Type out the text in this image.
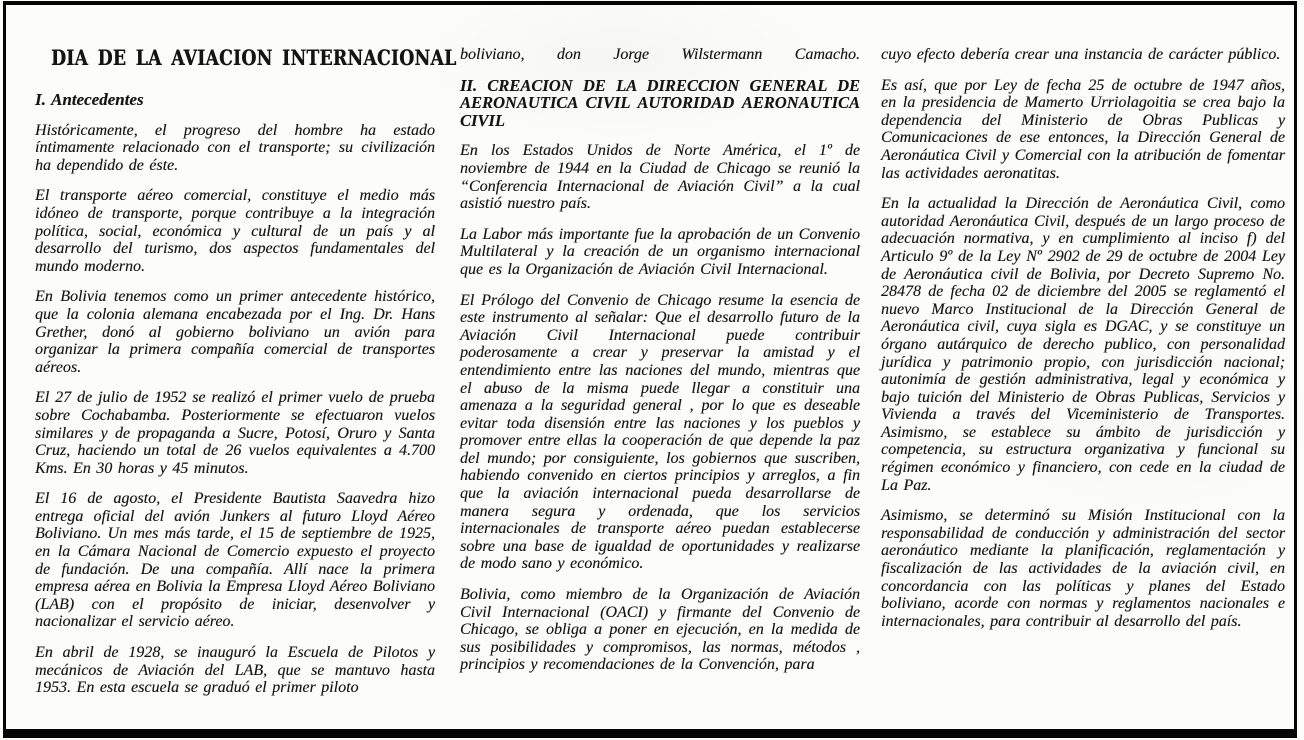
DIA DE LA AVIACION INTERNACIONAL

I. Antecedentes

Históricamente, el progreso del hombre ha estado íntimamente relacionado con el transporte; su civilización ha dependido de éste.

El transporte aéreo comercial, constituye el medio más idóneo de transporte, porque contribuye a la integración política, social, económica y cultural de un país y al desarrollo del turismo, dos aspectos fundamentales del mundo moderno.

En Bolivia tenemos como un primer antecedente histórico, que la colonia alemana encabezada por el Ing. Dr. Hans Grether, donó al gobierno boliviano un avión para organizar la primera compañía comercial de transportes aéreos.

El 27 de julio de 1952 se realizó el primer vuelo de prueba sobre Cochabamba. Posteriormente se efectuaron vuelos similares y de propaganda a Sucre, Potosí, Oruro y Santa Cruz, haciendo un total de 26 vuelos equivalentes a 4.700 Kms. En 30 horas y 45 minutos.

El 16 de agosto, el Presidente Bautista Saavedra hizo entrega oficial del avión Junkers al futuro Lloyd Aéreo Boliviano. Un mes más tarde, el 15 de septiembre de 1925, en la Cámara Nacional de Comercio expuesto el proyecto de fundación. De una compañía. Allí nace la primera empresa aérea en Bolivia la Empresa Lloyd Aéreo Boliviano (LAB) con el propósito de iniciar, desenvolver y nacionalizar el servicio aéreo.

En abril de 1928, se inauguró la Escuela de Pilotos y mecánicos de Aviación del LAB, que se mantuvo hasta 1953. En esta escuela se graduó el primer piloto

boliviano, don Jorge Wilstermann Camacho.

II. CREACION DE LA DIRECCION GENERAL DE AERONAUTICA CIVIL AUTORIDAD AERONAUTICA CIVIL

En los Estados Unidos de Norte América, el 1º de noviembre de 1944 en la Ciudad de Chicago se reunió la “Conferencia Internacional de Aviación Civil” a la cual asistió nuestro país.

La Labor más importante fue la aprobación de un Convenio Multilateral y la creación de un organismo internacional que es la Organización de Aviación Civil Internacional.

El Prólogo del Convenio de Chicago resume la esencia de este instrumento al señalar: Que el desarrollo futuro de la Aviación Civil Internacional puede contribuir poderosamente a crear y preservar la amistad y el entendimiento entre las naciones del mundo, mientras que el abuso de la misma puede llegar a constituir una amenaza a la seguridad general , por lo que es deseable evitar toda disensión entre las naciones y los pueblos y promover entre ellas la cooperación de que depende la paz del mundo; por consiguiente, los gobiernos que suscriben, habiendo convenido en ciertos principios y arreglos, a fin que la aviación internacional pueda desarrollarse de manera segura y ordenada, que los servicios internacionales de transporte aéreo puedan establecerse sobre una base de igualdad de oportunidades y realizarse de modo sano y económico.

Bolivia, como miembro de la Organización de Aviación Civil Internacional (OACI) y firmante del Convenio de Chicago, se obliga a poner en ejecución, en la medida de sus posibilidades y compromisos, las normas, métodos , principios y recomendaciones de la Convención, para

cuyo efecto debería crear una instancia de carácter público.

Es así, que por Ley de fecha 25 de octubre de 1947 años, en la presidencia de Mamerto Urriolagoitia se crea bajo la dependencia del Ministerio de Obras Publicas y Comunicaciones de ese entonces, la Dirección General de Aeronáutica Civil y Comercial con la atribución de fomentar las actividades aeronatitas.

En la actualidad la Dirección de Aeronáutica Civil, como autoridad Aeronáutica Civil, después de un largo proceso de adecuación normativa, y en cumplimiento al inciso f) del Articulo 9º de la Ley Nº 2902 de 29 de octubre de 2004 Ley de Aeronáutica civil de Bolivia, por Decreto Supremo No. 28478 de fecha 02 de diciembre del 2005 se reglamentó el nuevo Marco Institucional de la Dirección General de Aeronáutica civil, cuya sigla es DGAC, y se constituye un órgano autárquico de derecho publico, con personalidad jurídica y patrimonio propio, con jurisdicción nacional; autonimía de gestión administrativa, legal y económica y bajo tuición del Ministerio de Obras Publicas, Servicios y Vivienda a través del Viceministerio de Transportes. Asimismo, se establece su ámbito de jurisdicción y competencia, su estructura organizativa y funcional su régimen económico y financiero, con cede en la ciudad de La Paz.

Asimismo, se determinó su Misión Institucional con la responsabilidad de conducción y administración del sector aeronáutico mediante la planificación, reglamentación y fiscalización de las actividades de la aviación civil, en concordancia con las políticas y planes del Estado boliviano, acorde con normas y reglamentos nacionales e internacionales, para contribuir al desarrollo del país.
